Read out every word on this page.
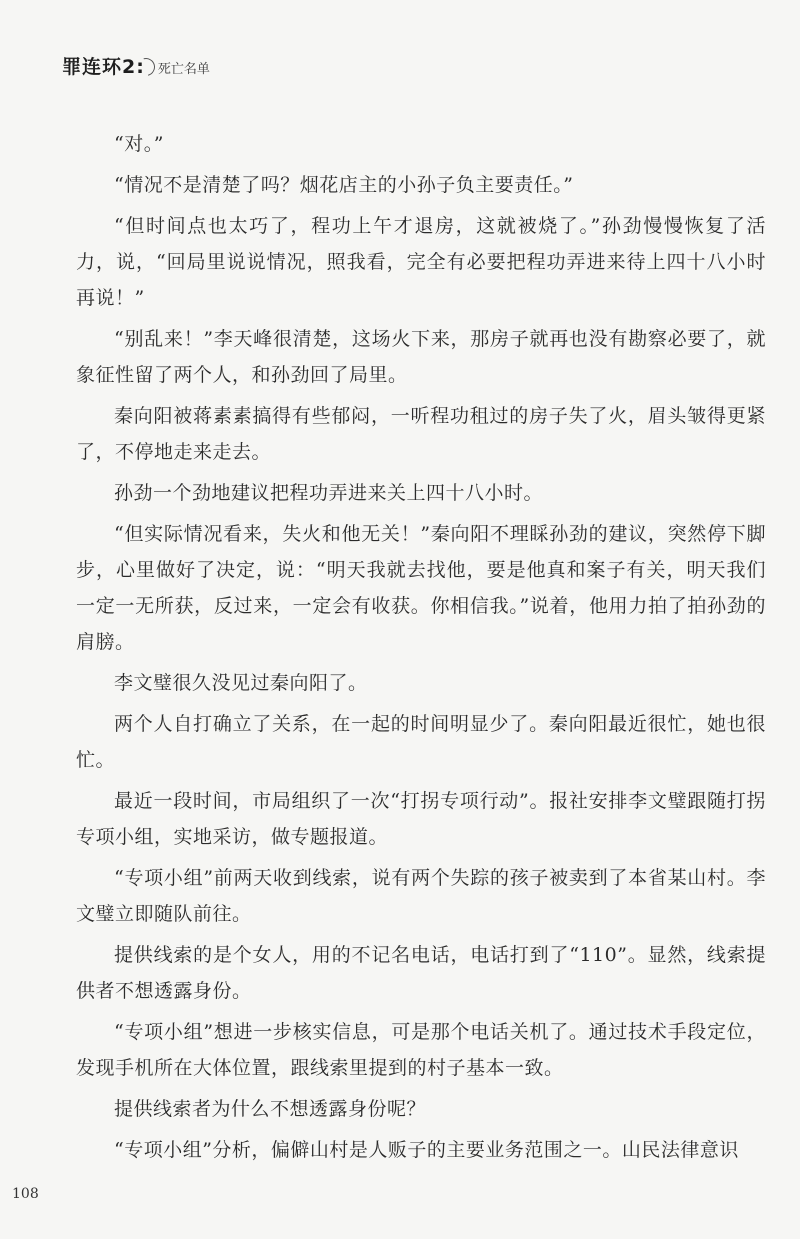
罪连环2: 死亡名单

“对。”

“情况不是清楚了吗？烟花店主的小孙子负主要责任。”

“但时间点也太巧了，程功上午才退房，这就被烧了。”孙劲慢慢恢复了活力，说，“回局里说说情况，照我看，完全有必要把程功弄进来待上四十八小时再说！”

“别乱来！”李天峰很清楚，这场火下来，那房子就再也没有勘察必要了，就象征性留了两个人，和孙劲回了局里。

秦向阳被蒋素素搞得有些郁闷，一听程功租过的房子失了火，眉头皱得更紧了，不停地走来走去。

孙劲一个劲地建议把程功弄进来关上四十八小时。

“但实际情况看来，失火和他无关！”秦向阳不理睬孙劲的建议，突然停下脚步，心里做好了决定，说：“明天我就去找他，要是他真和案子有关，明天我们一定一无所获，反过来，一定会有收获。你相信我。”说着，他用力拍了拍孙劲的肩膀。

李文璧很久没见过秦向阳了。

两个人自打确立了关系，在一起的时间明显少了。秦向阳最近很忙，她也很忙。

最近一段时间，市局组织了一次“打拐专项行动”。报社安排李文璧跟随打拐专项小组，实地采访，做专题报道。

“专项小组”前两天收到线索，说有两个失踪的孩子被卖到了本省某山村。李文璧立即随队前往。

提供线索的是个女人，用的不记名电话，电话打到了“110”。显然，线索提供者不想透露身份。

“专项小组”想进一步核实信息，可是那个电话关机了。通过技术手段定位，发现手机所在大体位置，跟线索里提到的村子基本一致。

提供线索者为什么不想透露身份呢？

“专项小组”分析，偏僻山村是人贩子的主要业务范围之一。山民法律意识

108
